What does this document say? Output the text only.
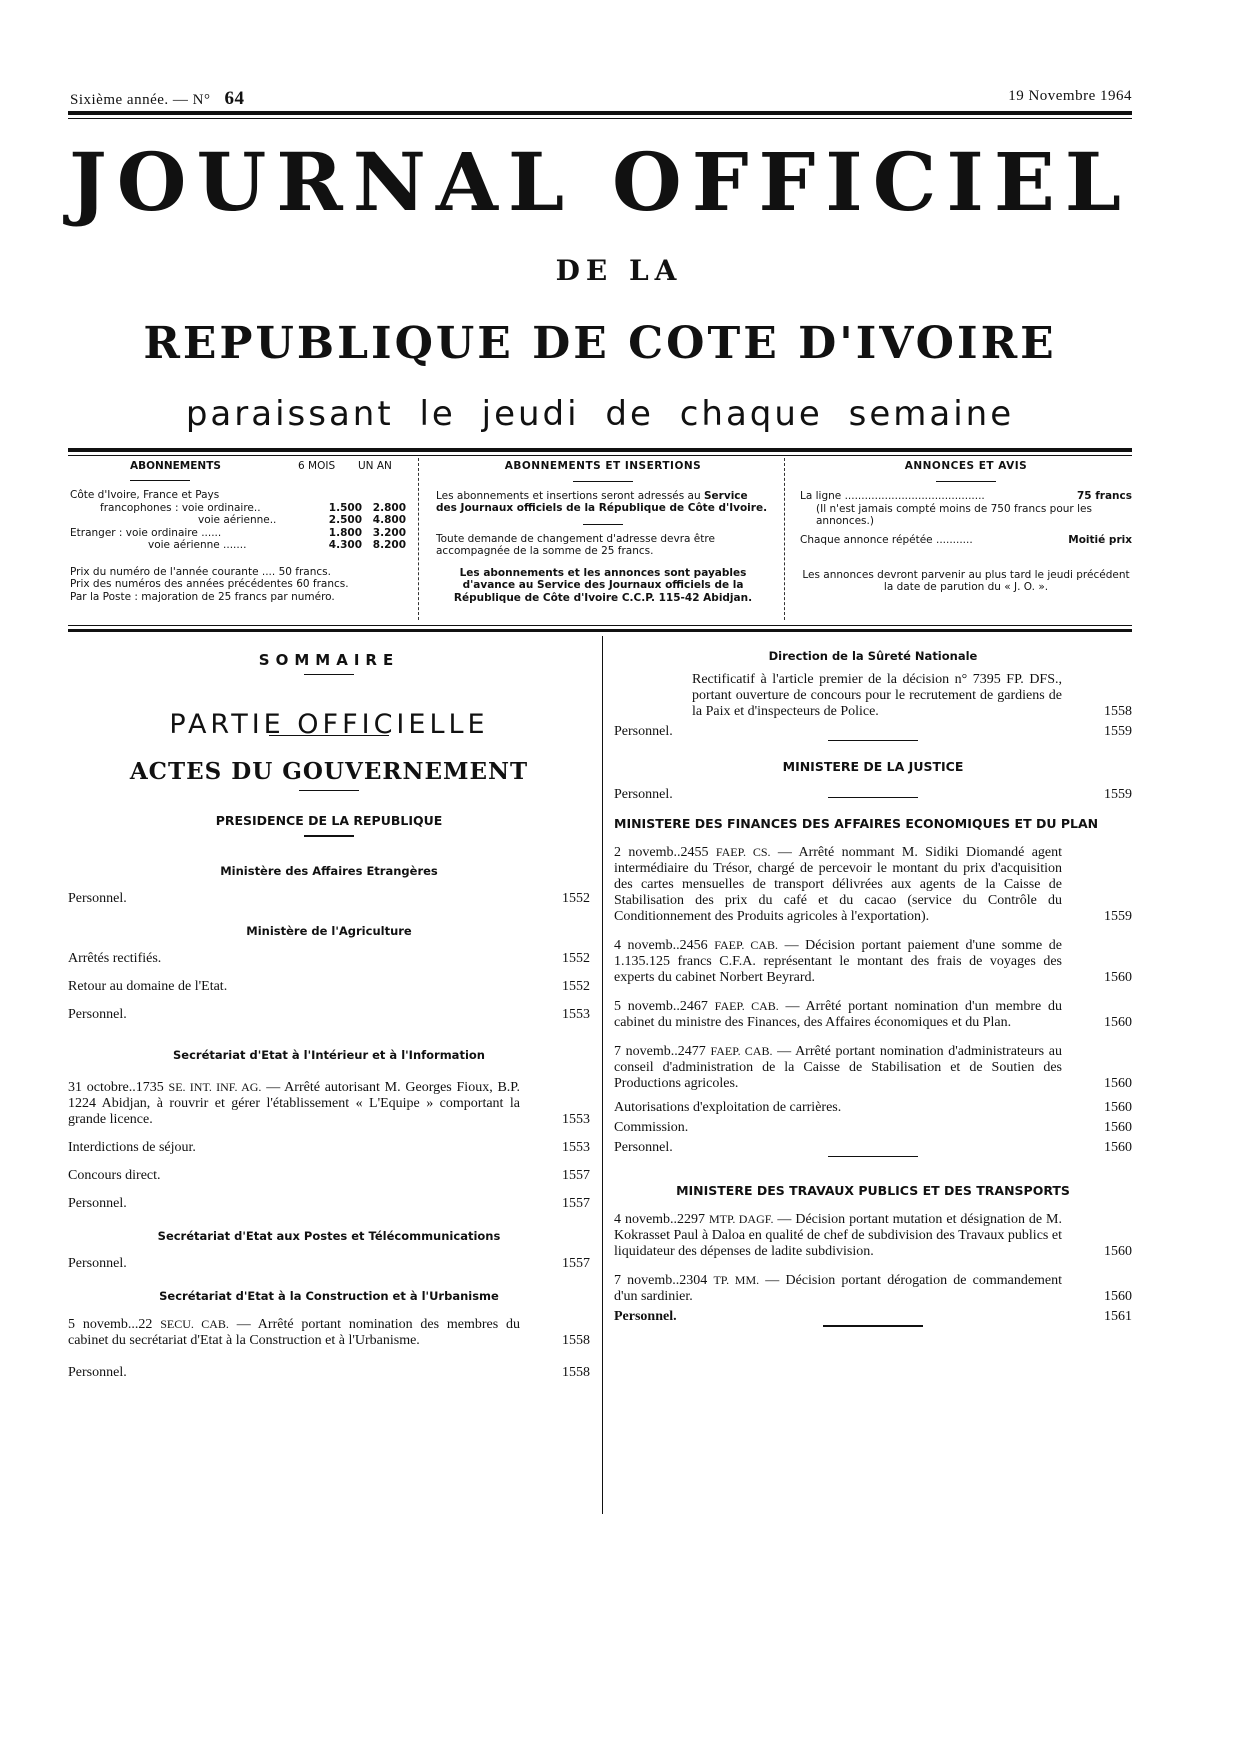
Sixième année. — N° 64	19 Novembre 1964
JOURNAL OFFICIEL
DE LA
REPUBLIQUE DE COTE D'IVOIRE
paraissant le jeudi de chaque semaine
ABONNEMENTS	6 MOIS UN AN
Côte d'Ivoire, France et Pays		
francophones : voie ordinaire..	1.500	2.800
voie aérienne..	2.500	4.800
Etranger : voie ordinaire ......	1.800	3.200
voie aérienne .......	4.300	8.200
Prix du numéro de l'année courante .... 50 francs.
Prix des numéros des années précédentes 60 francs.
Par la Poste : majoration de 25 francs par numéro.
ABONNEMENTS ET INSERTIONS

Les abonnements et insertions seront adressés au Service des Journaux officiels de la République de Côte d'Ivoire.

Toute demande de changement d'adresse devra être accompagnée de la somme de 25 francs.

Les abonnements et les annonces sont payables d'avance au Service des Journaux officiels de la République de Côte d'Ivoire C.C.P. 115-42 Abidjan.

ANNONCES ET AVIS
La ligne ..........................................	75 francs
(Il n'est jamais compté moins de 750 francs pour les annonces.)
Chaque annonce répétée ...........	Moitié prix
Les annonces devront parvenir au plus tard le jeudi précédent la date de parution du « J. O. ».
SOMMAIRE
PARTIE OFFICIELLE
ACTES DU GOUVERNEMENT
PRESIDENCE DE LA REPUBLIQUE
Ministère des Affaires Etrangères
Personnel.	1552
Ministère de l'Agriculture
Arrêtés rectifiés.	1552
Retour au domaine de l'Etat.	1552
Personnel.	1553
Secrétariat d'Etat à l'Intérieur et à l'Information
31 octobre..1735 SE. INT. INF. AG. — Arrêté autorisant M. Georges Fioux, B.P. 1224 Abidjan, à rouvrir et gérer l'établissement « L'Equipe » comportant la grande licence.	1553
Interdictions de séjour.	1553
Concours direct.	1557
Personnel.	1557
Secrétariat d'Etat aux Postes et Télécommunications
Personnel.	1557
Secrétariat d'Etat à la Construction et à l'Urbanisme
5 novemb...22 SECU. CAB. — Arrêté portant nomination des membres du cabinet du secrétariat d'Etat à la Construction et à l'Urbanisme.	1558
Personnel.	1558
Direction de la Sûreté Nationale
Rectificatif à l'article premier de la décision n° 7395 FP. DFS., portant ouverture de concours pour le recrutement de gardiens de la Paix et d'inspecteurs de Police.	1558
Personnel.	1559
MINISTERE DE LA JUSTICE
Personnel.	1559
MINISTERE DES FINANCES DES AFFAIRES ECONOMIQUES ET DU PLAN
2 novemb..2455 FAEP. CS. — Arrêté nommant M. Sidiki Diomandé agent intermédiaire du Trésor, chargé de percevoir le montant du prix d'acquisition des cartes mensuelles de transport délivrées aux agents de la Caisse de Stabilisation des prix du café et du cacao (service du Contrôle du Conditionnement des Produits agricoles à l'exportation).	1559
4 novemb..2456 FAEP. CAB. — Décision portant paiement d'une somme de 1.135.125 francs C.F.A. représentant le montant des frais de voyages des experts du cabinet Norbert Beyrard.	1560
5 novemb..2467 FAEP. CAB. — Arrêté portant nomination d'un membre du cabinet du ministre des Finances, des Affaires économiques et du Plan.	1560
7 novemb..2477 FAEP. CAB. — Arrêté portant nomination d'administrateurs au conseil d'administration de la Caisse de Stabilisation et de Soutien des Productions agricoles.	1560
Autorisations d'exploitation de carrières.	1560
Commission.	1560
Personnel.	1560
MINISTERE DES TRAVAUX PUBLICS ET DES TRANSPORTS
4 novemb..2297 MTP. DAGF. — Décision portant mutation et désignation de M. Kokrasset Paul à Daloa en qualité de chef de subdivision des Travaux publics et liquidateur des dépenses de ladite subdivision.	1560
7 novemb..2304 TP. MM. — Décision portant dérogation de commandement d'un sardinier.	1560
Personnel.	1561
